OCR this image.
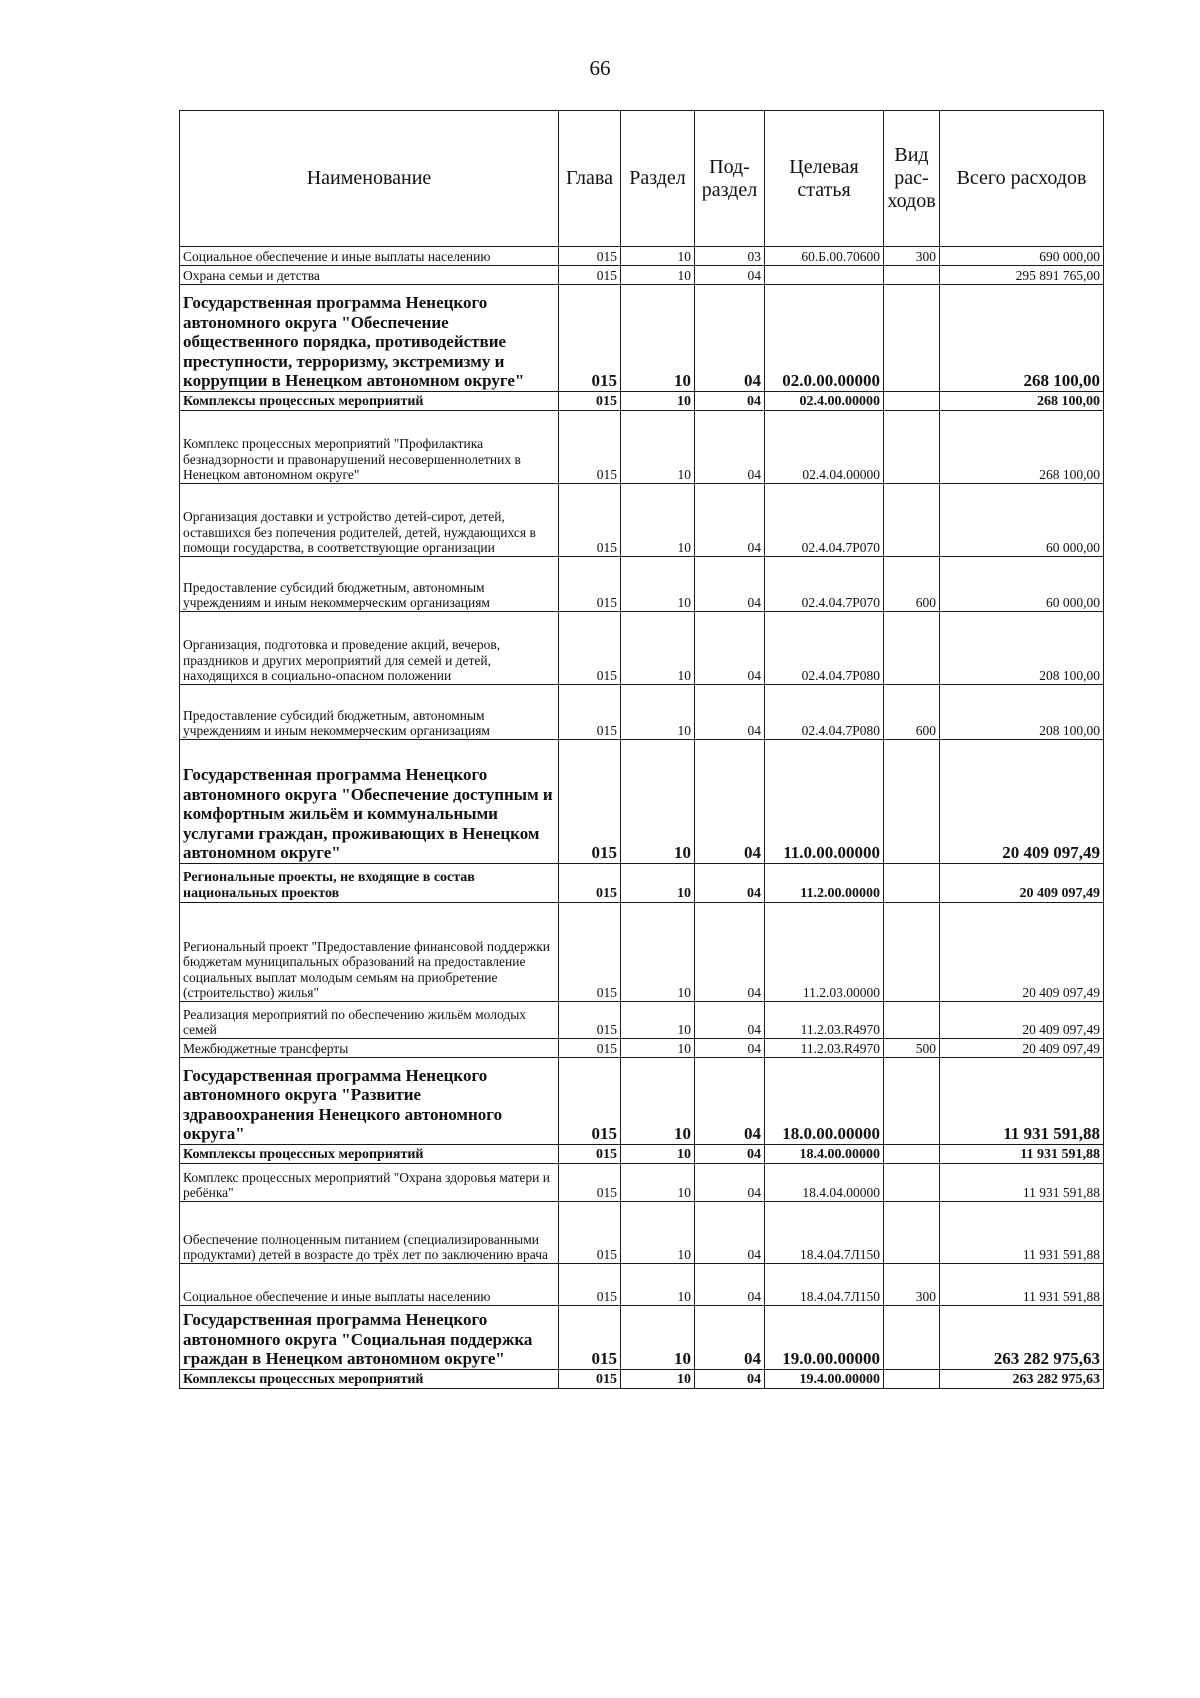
66
Наименование	Глава	Раздел	Под-раздел	Целевая статья	Вид рас-ходов	Всего расходов
Социальное обеспечение и иные выплаты населению	015	10	03	60.Б.00.70600	300	690 000,00
Охрана семьи и детства	015	10	04			295 891 765,00
Государственная программа Ненецкого автономного округа "Обеспечение общественного порядка, противодействие преступности, терроризму, экстремизму и коррупции в Ненецком автономном округе"	015	10	04	02.0.00.00000		268 100,00
Комплексы процессных мероприятий	015	10	04	02.4.00.00000		268 100,00
Комплекс процессных мероприятий "Профилактика безнадзорности и правонарушений несовершеннолетних в Ненецком автономном округе"	015	10	04	02.4.04.00000		268 100,00
Организация доставки и устройство детей-сирот, детей, оставшихся без попечения родителей, детей, нуждающихся в помощи государства, в соответствующие организации	015	10	04	02.4.04.7Р070		60 000,00
Предоставление субсидий бюджетным, автономным учреждениям и иным некоммерческим организациям	015	10	04	02.4.04.7Р070	600	60 000,00
Организация, подготовка и проведение акций, вечеров, праздников и других мероприятий для семей и детей, находящихся в социально-опасном положении	015	10	04	02.4.04.7Р080		208 100,00
Предоставление субсидий бюджетным, автономным учреждениям и иным некоммерческим организациям	015	10	04	02.4.04.7Р080	600	208 100,00
Государственная программа Ненецкого автономного округа "Обеспечение доступным и комфортным жильём и коммунальными услугами граждан, проживающих в Ненецком автономном округе"	015	10	04	11.0.00.00000		20 409 097,49
Региональные проекты, не входящие в состав национальных проектов	015	10	04	11.2.00.00000		20 409 097,49
Региональный проект "Предоставление финансовой поддержки бюджетам муниципальных образований на предоставление социальных выплат молодым семьям на приобретение (строительство) жилья"	015	10	04	11.2.03.00000		20 409 097,49
Реализация мероприятий по обеспечению жильём молодых семей	015	10	04	11.2.03.R4970		20 409 097,49
Межбюджетные трансферты	015	10	04	11.2.03.R4970	500	20 409 097,49
Государственная программа Ненецкого автономного округа "Развитие здравоохранения Ненецкого автономного округа"	015	10	04	18.0.00.00000		11 931 591,88
Комплексы процессных мероприятий	015	10	04	18.4.00.00000		11 931 591,88
Комплекс процессных мероприятий "Охрана здоровья матери и ребёнка"	015	10	04	18.4.04.00000		11 931 591,88
Обеспечение полноценным питанием (специализированными продуктами) детей в возрасте до трёх лет по заключению врача	015	10	04	18.4.04.7Л150		11 931 591,88
Социальное обеспечение и иные выплаты населению	015	10	04	18.4.04.7Л150	300	11 931 591,88
Государственная программа Ненецкого автономного округа "Социальная поддержка граждан в Ненецком автономном округе"	015	10	04	19.0.00.00000		263 282 975,63
Комплексы процессных мероприятий	015	10	04	19.4.00.00000		263 282 975,63
